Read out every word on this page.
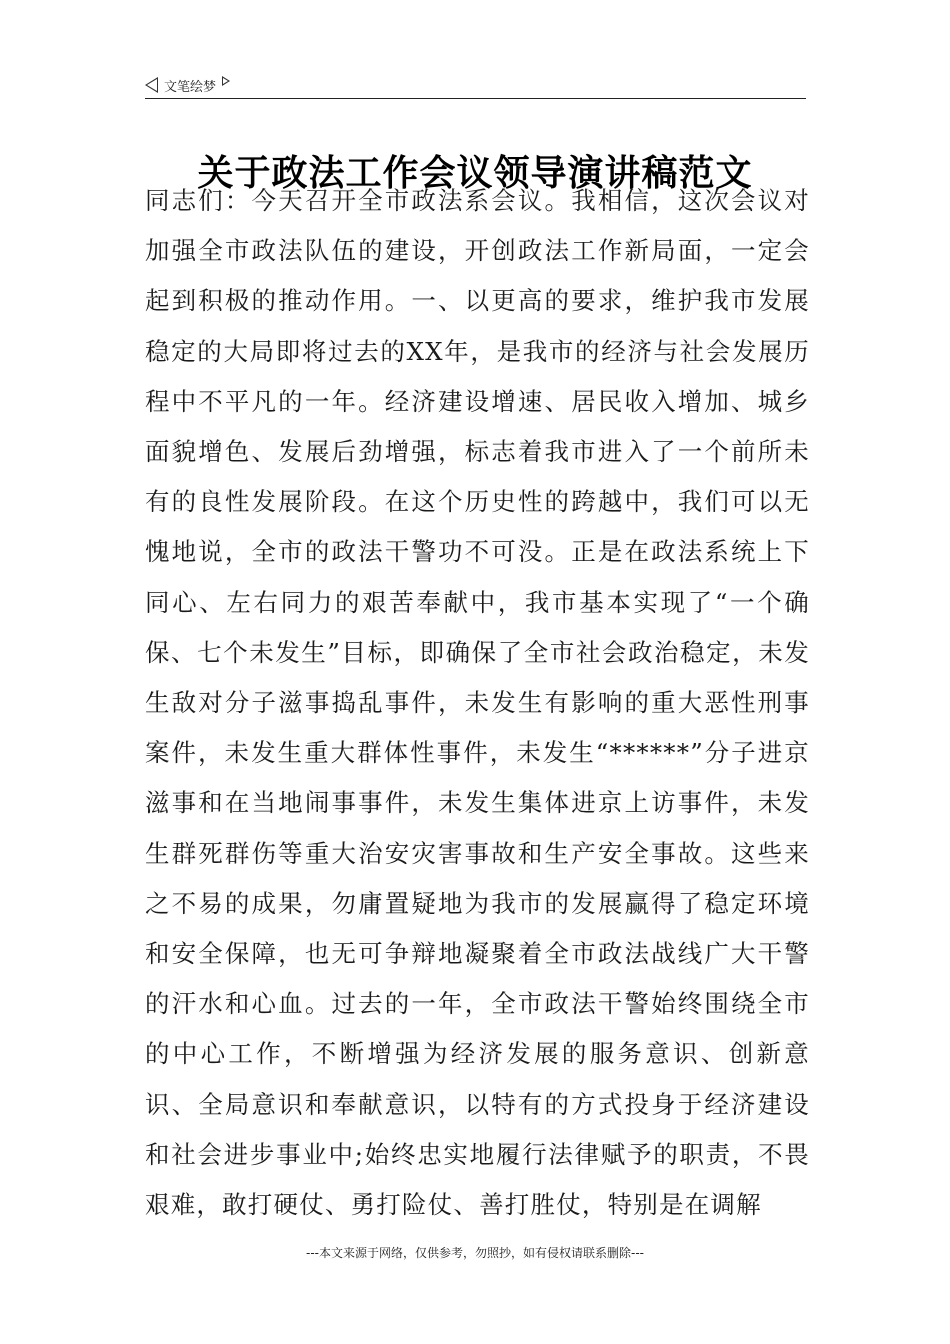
文笔绘梦
关于政法工作会议领导演讲稿范文

同志们：今天召开全市政法系会议。我相信，这次会议对加强全市政法队伍的建设，开创政法工作新局面，一定会起到积极的推动作用。一、以更高的要求，维护我市发展稳定的大局即将过去的XX年，是我市的经济与社会发展历程中不平凡的一年。经济建设增速、居民收入增加、城乡面貌增色、发展后劲增强，标志着我市进入了一个前所未有的良性发展阶段。在这个历史性的跨越中，我们可以无愧地说，全市的政法干警功不可没。正是在政法系统上下同心、左右同力的艰苦奉献中，我市基本实现了“一个确保、七个未发生”目标，即确保了全市社会政治稳定，未发生敌对分子滋事捣乱事件，未发生有影响的重大恶性刑事案件，未发生重大群体性事件，未发生“******”分子进京滋事和在当地闹事事件，未发生集体进京上访事件，未发生群死群伤等重大治安灾害事故和生产安全事故。这些来之不易的成果，勿庸置疑地为我市的发展赢得了稳定环境和安全保障，也无可争辩地凝聚着全市政法战线广大干警的汗水和心血。过去的一年，全市政法干警始终围绕全市的中心工作，不断增强为经济发展的服务意识、创新意识、全局意识和奉献意识，以特有的方式投身于经济建设和社会进步事业中;始终忠实地履行法律赋予的职责，不畏艰难，敢打硬仗、勇打险仗、善打胜仗，特别是在调解

---本文来源于网络，仅供参考，勿照抄，如有侵权请联系删除---
